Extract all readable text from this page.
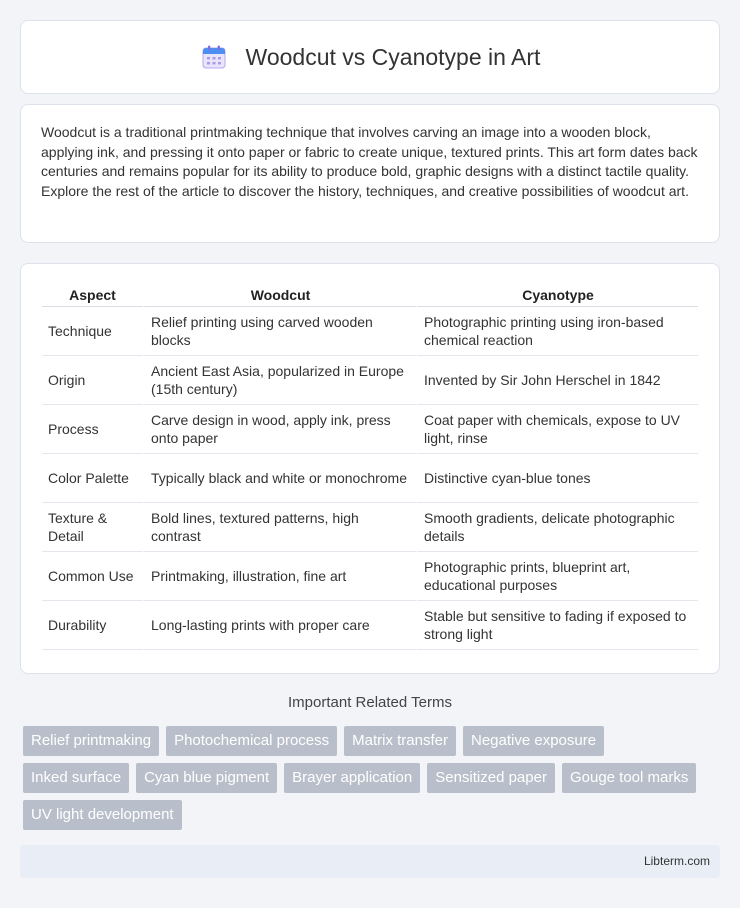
Woodcut vs Cyanotype in Art

Woodcut is a traditional printmaking technique that involves carving an image into a wooden block, applying ink, and pressing it onto paper or fabric to create unique, textured prints. This art form dates back centuries and remains popular for its ability to produce bold, graphic designs with a distinct tactile quality. Explore the rest of the article to discover the history, techniques, and creative possibilities of woodcut art.

Aspect	Woodcut	Cyanotype
Technique	Relief printing using carved wooden blocks	Photographic printing using iron-based chemical reaction
Origin	Ancient East Asia, popularized in Europe (15th century)	Invented by Sir John Herschel in 1842
Process	Carve design in wood, apply ink, press onto paper	Coat paper with chemicals, expose to UV light, rinse
Color Palette	Typically black and white or monochrome	Distinctive cyan-blue tones
Texture & Detail	Bold lines, textured patterns, high contrast	Smooth gradients, delicate photographic details
Common Use	Printmaking, illustration, fine art	Photographic prints, blueprint art, educational purposes
Durability	Long-lasting prints with proper care	Stable but sensitive to fading if exposed to strong light
Important Related Terms
Relief printmaking	Photochemical process	Matrix transfer	Negative exposure
Inked surface	Cyan blue pigment	Brayer application	Sensitized paper	Gouge tool marks
UV light development
Libterm.com
